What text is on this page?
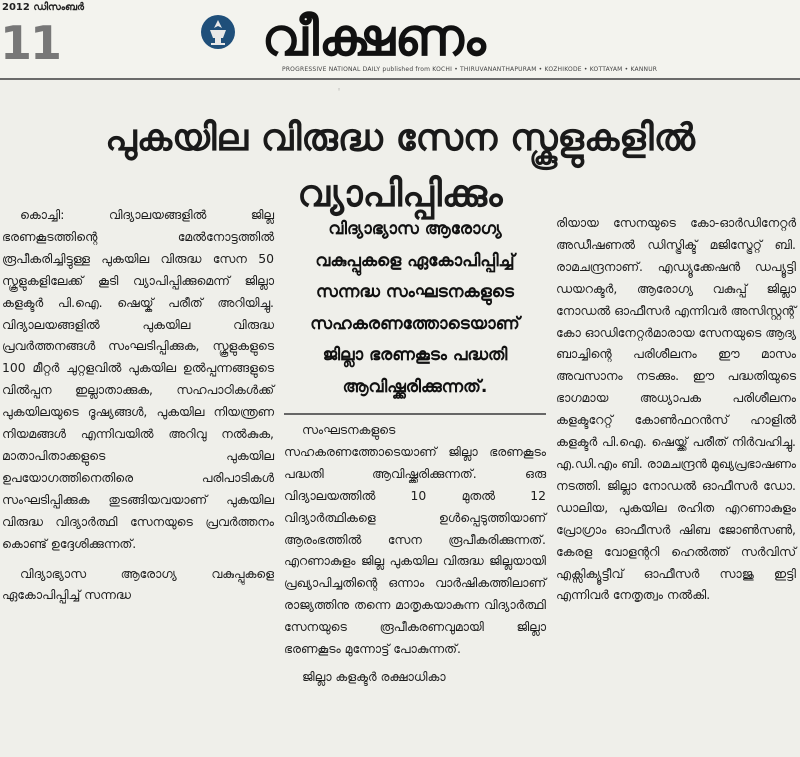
2012 ഡിസംബർ
11	വീക്ഷണം
PROGRESSIVE NATIONAL DAILY published from KOCHI • THIRUVANANTHAPURAM • KOZHIKODE • KOTTAYAM • KANNUR
◦
പുകയില വിരുദ്ധ സേന സ്കൂളുകളിൽ വ്യാപിപ്പിക്കും

കൊച്ചി: വിദ്യാലയങ്ങളിൽ ജില്ല ഭരണകൂടത്തിന്റെ മേൽനോട്ടത്തിൽ രൂപീകരിച്ചിട്ടുള്ള പുകയില വിരുദ്ധ സേന 50 സ്കൂളുകളിലേക്ക് കൂടി വ്യാപിപ്പിക്കുമെന്ന് ജില്ലാ കളക്ടർ പി.ഐ. ഷെയ്ക് പരീത് അറിയിച്ചു. വിദ്യാലയങ്ങളിൽ പുകയില വിരുദ്ധ പ്രവർത്തനങ്ങൾ സംഘടിപ്പിക്കുക, സ്കൂളുകളുടെ 100 മീറ്റർ ചുറ്റളവിൽ പുകയില ഉൽപ്പന്നങ്ങളുടെ വിൽപ്പന ഇല്ലാതാക്കുക, സഹപാഠികൾക്ക് പുകയിലയുടെ ദൂഷ്യങ്ങൾ, പുകയില നിയന്ത്രണ നിയമങ്ങൾ എന്നിവയിൽ അറിവു നൽകുക, മാതാപിതാക്കളുടെ പുകയില ഉപയോഗത്തിനെതിരെ പരിപാടികൾ സംഘടിപ്പിക്കുക തുടങ്ങിയവയാണ് പുകയില വിരുദ്ധ വിദ്യാർത്ഥി സേനയുടെ പ്രവർത്തനം കൊണ്ട് ഉദ്ദേശിക്കുന്നത്.

വിദ്യാഭ്യാസ ആരോഗ്യ വകുപ്പുകളെ ഏകോപിപ്പിച്ച് സന്നദ്ധ

വിദ്യാഭ്യാസ ആരോഗ്യ വകുപ്പുകളെ ഏകോപിപ്പിച്ച് സന്നദ്ധ സംഘടനകളുടെ സഹകരണത്തോടെയാണ് ജില്ലാ ഭരണകൂടം പദ്ധതി ആവിഷ്ക്കരിക്കുന്നത്.

സംഘടനകളുടെ സഹകരണത്തോടെയാണ് ജില്ലാ ഭരണകൂടം പദ്ധതി ആവിഷ്ക്കരിക്കുന്നത്. ഒരു വിദ്യാലയത്തിൽ 10 മുതൽ 12 വിദ്യാർത്ഥികളെ ഉൾപ്പെടുത്തിയാണ് ആരംഭത്തിൽ സേന രൂപീകരിക്കുന്നത്. എറണാകുളം ജില്ല പുകയില വിരുദ്ധ ജില്ലയായി പ്രഖ്യാപിച്ചതിന്റെ ഒന്നാം വാർഷികത്തിലാണ് രാജ്യത്തിനു തന്നെ മാതൃകയാകുന്ന വിദ്യാർത്ഥി സേനയുടെ രൂപീകരണവുമായി ജില്ലാ ഭരണകൂടം മുന്നോട്ട് പോകുന്നത്.

ജില്ലാ കളക്ടർ രക്ഷാധികാ

രിയായ സേനയുടെ കോ-ഓർഡിനേറ്റർ അഡീഷണൽ ഡിസ്ട്രിക്ട് മജിസ്ട്രേറ്റ് ബി. രാമചന്ദ്രനാണ്. എഡ്യൂക്കേഷൻ ഡപ്യൂട്ടി ഡയറക്ടർ, ആരോഗ്യ വകുപ്പ് ജില്ലാ നോഡൽ ഓഫീസർ എന്നിവർ അസിസ്റ്റന്റ് കോ ഓഡിനേറ്റർമാരായ സേനയുടെ ആദ്യ ബാച്ചിന്റെ പരിശീലനം ഈ മാസം അവസാനം നടക്കും. ഈ പദ്ധതിയുടെ ഭാഗമായ അധ്യാപക പരിശീലനം കളക്ടറേറ്റ് കോൺഫറൻസ് ഹാളിൽ കളക്ടർ പി.ഐ. ഷെയ്ക്ക് പരീത് നിർവഹിച്ചു. എ.ഡി.എം ബി. രാമചന്ദ്രൻ മുഖ്യപ്രഭാഷണം നടത്തി. ജില്ലാ നോഡൽ ഓഫീസർ ഡോ. ഡാലിയ, പുകയില രഹിത എറണാകുളം പ്രോഗ്രാം ഓഫീസർ ഷിബ ജോൺസൺ, കേരള വോളന്ററി ഹെൽത്ത് സർവിസ് എക്സിക്യൂട്ടീവ് ഓഫീസർ സാജു ഇട്ടി എന്നിവർ നേതൃത്വം നൽകി.
